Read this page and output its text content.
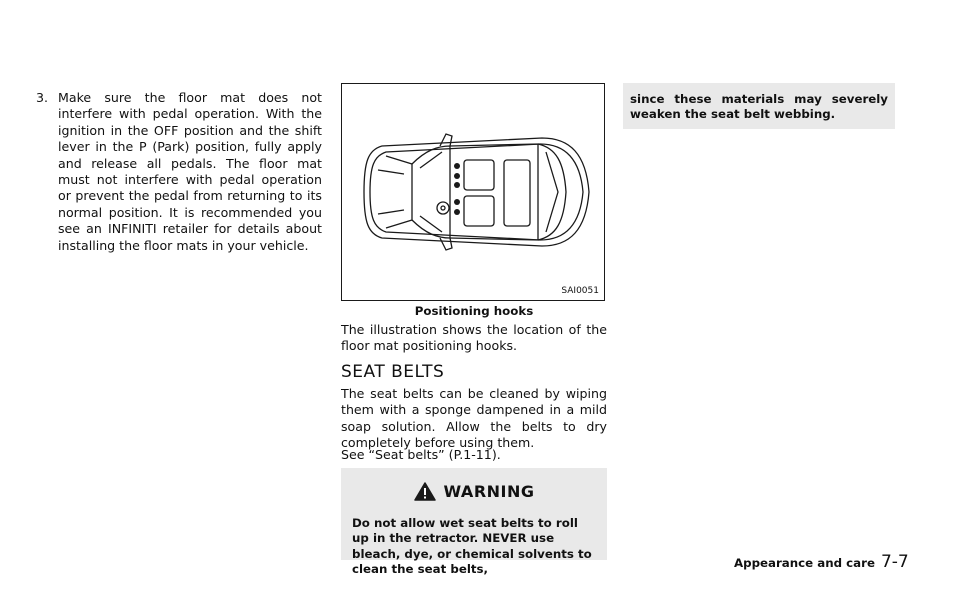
3. Make sure the floor mat does not interfere with pedal operation. With the ignition in the OFF position and the shift lever in the P (Park) position, fully apply and release all pedals. The floor mat must not interfere with pedal operation or prevent the pedal from returning to its normal position. It is recommended you see an INFINITI retailer for details about installing the floor mats in your vehicle.
SAI0051
Positioning hooks

The illustration shows the location of the floor mat positioning hooks.

SEAT BELTS

The seat belts can be cleaned by wiping them with a sponge dampened in a mild soap solution. Allow the belts to dry completely before using them.

See “Seat belts” (P.1-11).

WARNING
Do not allow wet seat belts to roll up in the retractor. NEVER use bleach, dye, or chemical solvents to clean the seat belts,
since these materials may severely weaken the seat belt webbing.
Appearance and care 7-7
